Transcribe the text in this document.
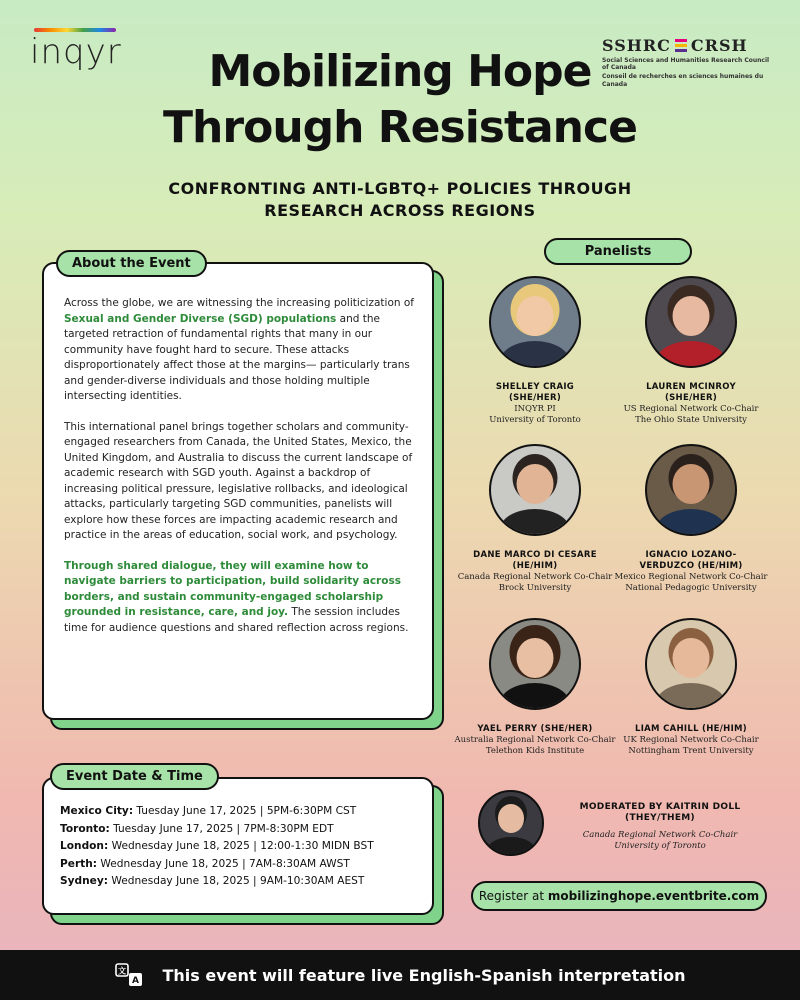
inqyr	SSHRC CRSH
Social Sciences and Humanities Research Council of Canada
Conseil de recherches en sciences humaines du Canada
Mobilizing Hope
Through Resistance
CONFRONTING ANTI-LGBTQ+ POLICIES THROUGH
RESEARCH ACROSS REGIONS
About the Event

Across the globe, we are witnessing the increasing politicization of Sexual and Gender Diverse (SGD) populations and the targeted retraction of fundamental rights that many in our community have fought hard to secure. These attacks disproportionately affect those at the margins— particularly trans and gender-diverse individuals and those holding multiple intersecting identities.

This international panel brings together scholars and community-engaged researchers from Canada, the United States, Mexico, the United Kingdom, and Australia to discuss the current landscape of academic research with SGD youth. Against a backdrop of increasing political pressure, legislative rollbacks, and ideological attacks, particularly targeting SGD communities, panelists will explore how these forces are impacting academic research and practice in the areas of education, social work, and psychology.

Through shared dialogue, they will examine how to navigate barriers to participation, build solidarity across borders, and sustain community-engaged scholarship grounded in resistance, care, and joy. The session includes time for audience questions and shared reflection across regions.

Event Date & Time
Mexico City: Tuesday June 17, 2025 | 5PM-6:30PM CST
Toronto: Tuesday June 17, 2025 | 7PM-8:30PM EDT
London: Wednesday June 18, 2025 | 12:00-1:30 MIDN BST
Perth: Wednesday June 18, 2025 | 7AM-8:30AM AWST
Sydney: Wednesday June 18, 2025 | 9AM-10:30AM AEST
Panelists
SHELLEY CRAIG
(SHE/HER)
INQYR PI
University of Toronto
LAUREN MCINROY
(SHE/HER)
US Regional Network Co-Chair
The Ohio State University
DANE MARCO DI CESARE
(HE/HIM)
Canada Regional Network Co-Chair
Brock University
IGNACIO LOZANO-
VERDUZCO (HE/HIM)
Mexico Regional Network Co-Chair
National Pedagogic University
YAEL PERRY (SHE/HER)
Australia Regional Network Co-Chair
Telethon Kids Institute
LIAM CAHILL (HE/HIM)
UK Regional Network Co-Chair
Nottingham Trent University
MODERATED BY KAITRIN DOLL
(THEY/THEM)
Canada Regional Network Co-Chair
University of Toronto
Register at mobilizinghope.eventbrite.com
文
A This event will feature live English-Spanish interpretation
